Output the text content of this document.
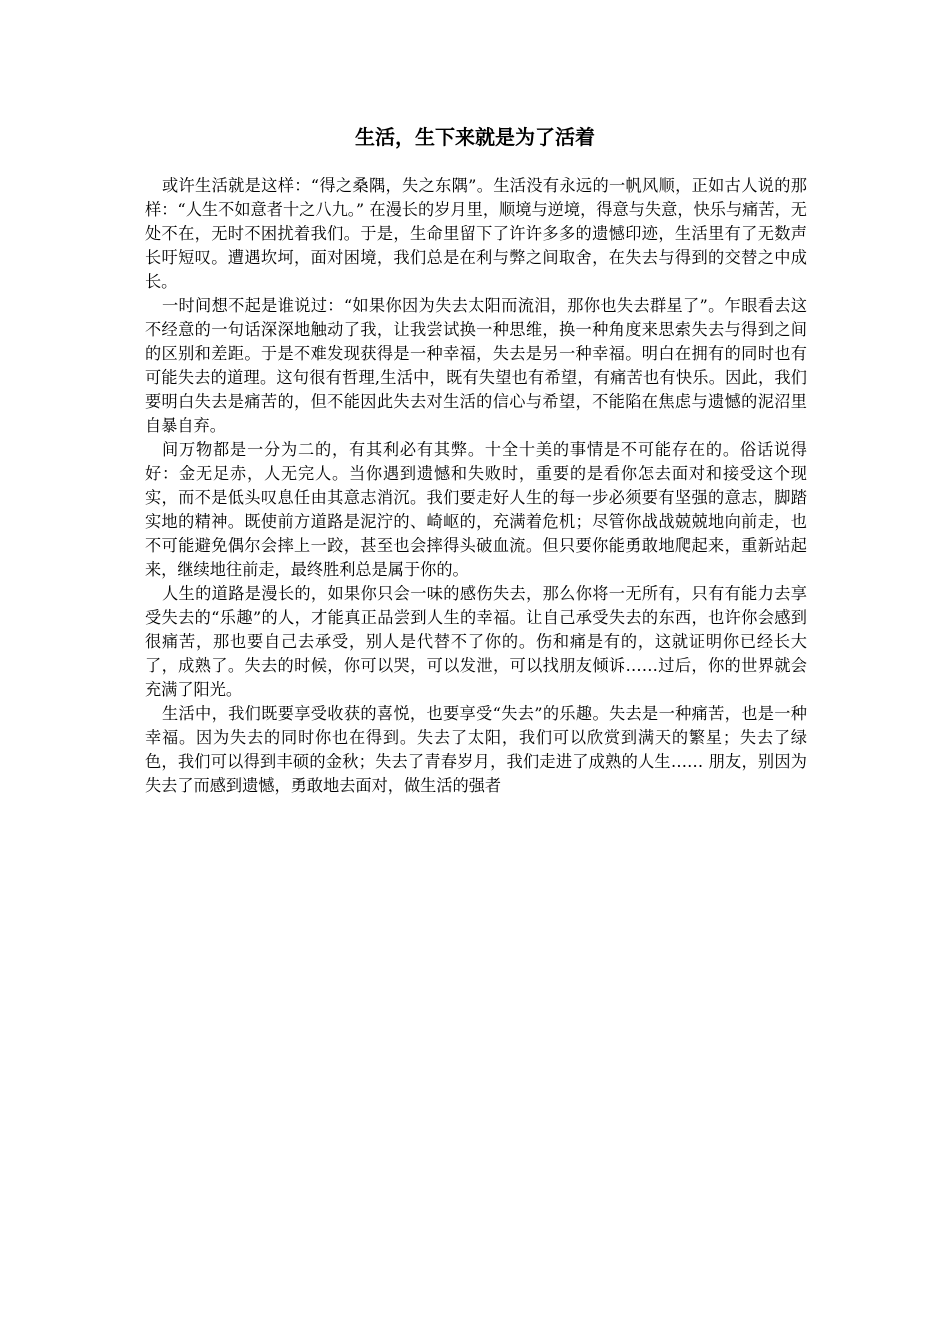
生活，生下来就是为了活着

或许生活就是这样：“得之桑隅，失之东隅”。生活没有永远的一帆风顺，正如古人说的那样：“人生不如意者十之八九。” 在漫长的岁月里，顺境与逆境，得意与失意，快乐与痛苦，无处不在，无时不困扰着我们。于是，生命里留下了许许多多的遗憾印迹，生活里有了无数声长吁短叹。遭遇坎坷，面对困境，我们总是在利与弊之间取舍，在失去与得到的交替之中成长。

一时间想不起是谁说过：“如果你因为失去太阳而流泪，那你也失去群星了”。乍眼看去这不经意的一句话深深地触动了我，让我尝试换一种思维，换一种角度来思索失去与得到之间的区别和差距。于是不难发现获得是一种幸福，失去是另一种幸福。明白在拥有的同时也有可能失去的道理。这句很有哲理,生活中，既有失望也有希望，有痛苦也有快乐。因此，我们要明白失去是痛苦的，但不能因此失去对生活的信心与希望，不能陷在焦虑与遗憾的泥沼里自暴自弃。

间万物都是一分为二的，有其利必有其弊。十全十美的事情是不可能存在的。俗话说得好：金无足赤，人无完人。当你遇到遗憾和失败时，重要的是看你怎去面对和接受这个现实，而不是低头叹息任由其意志消沉。我们要走好人生的每一步必须要有坚强的意志，脚踏实地的精神。既使前方道路是泥泞的、崎岖的，充满着危机；尽管你战战兢兢地向前走，也不可能避免偶尔会摔上一跤，甚至也会摔得头破血流。但只要你能勇敢地爬起来，重新站起来，继续地往前走，最终胜利总是属于你的。

人生的道路是漫长的，如果你只会一味的感伤失去，那么你将一无所有，只有有能力去享受失去的“乐趣”的人，才能真正品尝到人生的幸福。让自己承受失去的东西，也许你会感到很痛苦，那也要自己去承受，别人是代替不了你的。伤和痛是有的，这就证明你已经长大了，成熟了。失去的时候，你可以哭，可以发泄，可以找朋友倾诉……过后，你的世界就会充满了阳光。

生活中，我们既要享受收获的喜悦，也要享受“失去”的乐趣。失去是一种痛苦，也是一种幸福。因为失去的同时你也在得到。失去了太阳，我们可以欣赏到满天的繁星；失去了绿色，我们可以得到丰硕的金秋；失去了青春岁月，我们走进了成熟的人生…… 朋友，别因为失去了而感到遗憾，勇敢地去面对，做生活的强者
